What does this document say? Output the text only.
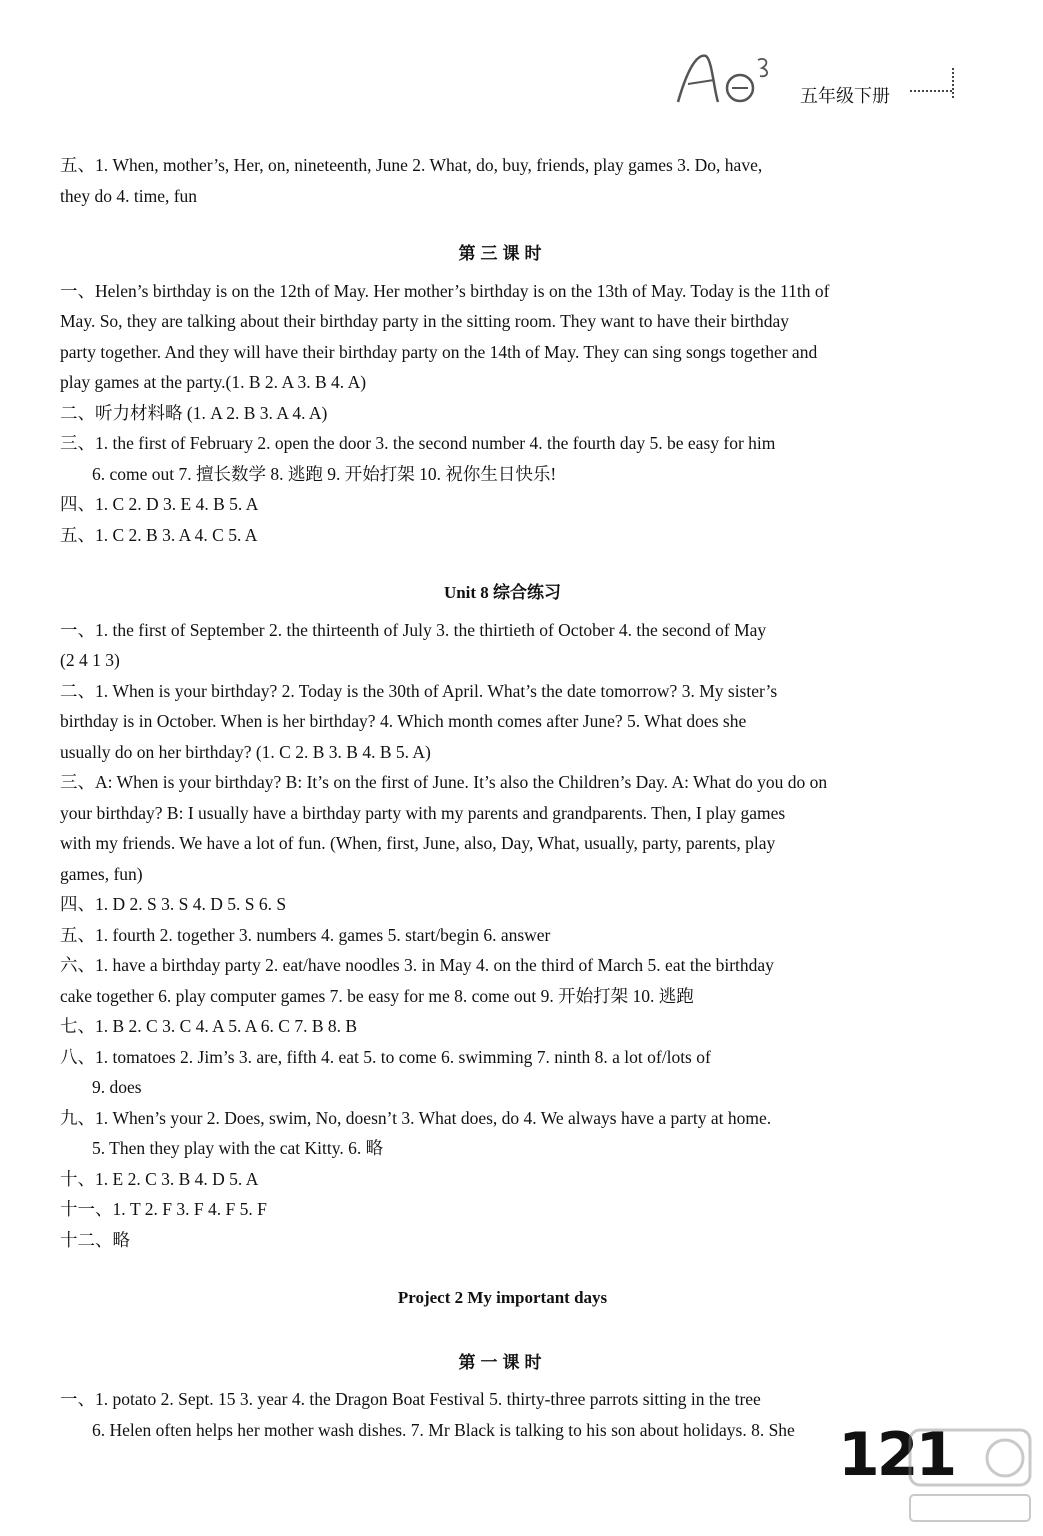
五年级下册
五、1. When, mother’s, Her, on, nineteenth, June 2. What, do, buy, friends, play games 3. Do, have,
they do 4. time, fun
第三课时
一、Helen’s birthday is on the 12th of May. Her mother’s birthday is on the 13th of May. Today is the 11th of
May. So, they are talking about their birthday party in the sitting room. They want to have their birthday
party together. And they will have their birthday party on the 14th of May. They can sing songs together and
play games at the party.(1. B 2. A 3. B 4. A)
二、听力材料略 (1. A 2. B 3. A 4. A)
三、1. the first of February 2. open the door 3. the second number 4. the fourth day 5. be easy for him
6. come out 7. 擅长数学 8. 逃跑 9. 开始打架 10. 祝你生日快乐!
四、1. C 2. D 3. E 4. B 5. A
五、1. C 2. B 3. A 4. C 5. A
Unit 8 综合练习
一、1. the first of September 2. the thirteenth of July 3. the thirtieth of October 4. the second of May
(2 4 1 3)
二、1. When is your birthday? 2. Today is the 30th of April. What’s the date tomorrow? 3. My sister’s
birthday is in October. When is her birthday? 4. Which month comes after June? 5. What does she
usually do on her birthday? (1. C 2. B 3. B 4. B 5. A)
三、A: When is your birthday? B: It’s on the first of June. It’s also the Children’s Day. A: What do you do on
your birthday? B: I usually have a birthday party with my parents and grandparents. Then, I play games
with my friends. We have a lot of fun. (When, first, June, also, Day, What, usually, party, parents, play
games, fun)
四、1. D 2. S 3. S 4. D 5. S 6. S
五、1. fourth 2. together 3. numbers 4. games 5. start/begin 6. answer
六、1. have a birthday party 2. eat/have noodles 3. in May 4. on the third of March 5. eat the birthday
cake together 6. play computer games 7. be easy for me 8. come out 9. 开始打架 10. 逃跑
七、1. B 2. C 3. C 4. A 5. A 6. C 7. B 8. B
八、1. tomatoes 2. Jim’s 3. are, fifth 4. eat 5. to come 6. swimming 7. ninth 8. a lot of/lots of
9. does
九、1. When’s your 2. Does, swim, No, doesn’t 3. What does, do 4. We always have a party at home.
5. Then they play with the cat Kitty. 6. 略
十、1. E 2. C 3. B 4. D 5. A
十一、1. T 2. F 3. F 4. F 5. F
十二、略
Project 2 My important days
第一课时
一、1. potato 2. Sept. 15 3. year 4. the Dragon Boat Festival 5. thirty-three parrots sitting in the tree
6. Helen often helps her mother wash dishes. 7. Mr Black is talking to his son about holidays. 8. She 121
